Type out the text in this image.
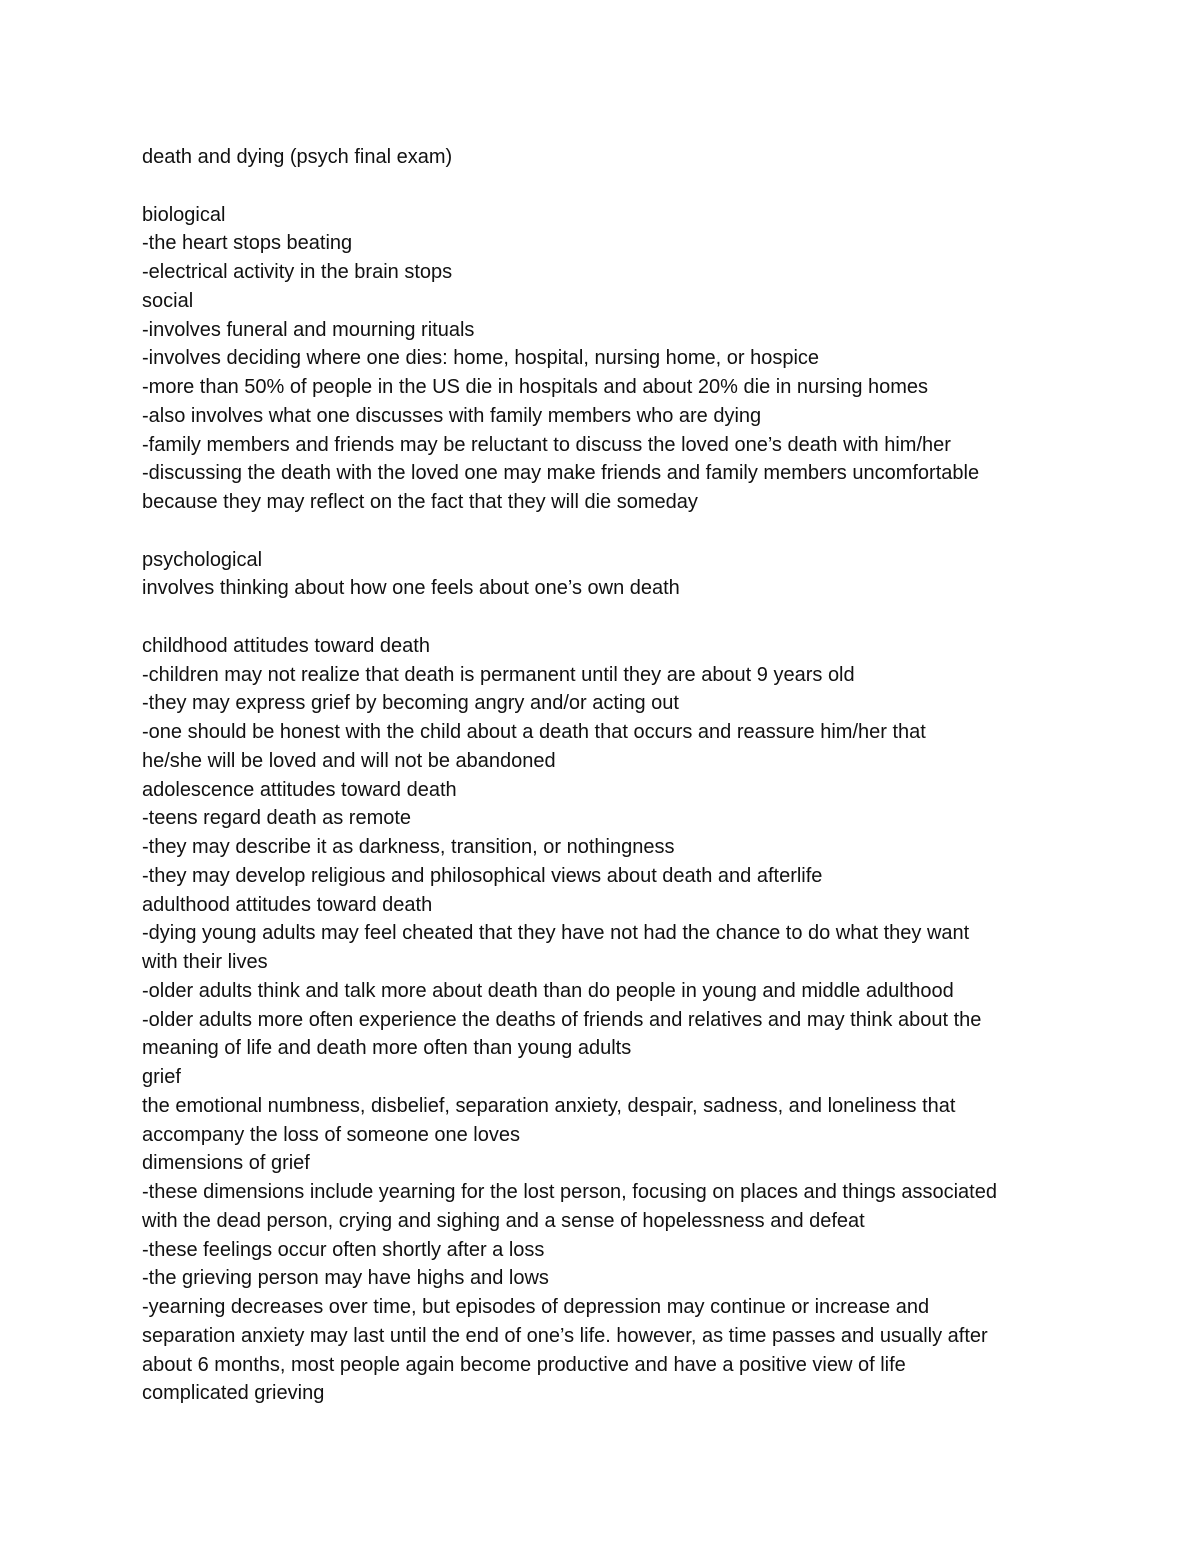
death and dying (psych final exam)
biological
-the heart stops beating
-electrical activity in the brain stops
social
-involves funeral and mourning rituals
-involves deciding where one dies: home, hospital, nursing home, or hospice
-more than 50% of people in the US die in hospitals and about 20% die in nursing homes
-also involves what one discusses with family members who are dying
-family members and friends may be reluctant to discuss the loved one’s death with him/her
-discussing the death with the loved one may make friends and family members uncomfortable
because they may reflect on the fact that they will die someday
psychological
involves thinking about how one feels about one’s own death
childhood attitudes toward death
-children may not realize that death is permanent until they are about 9 years old
-they may express grief by becoming angry and/or acting out
-one should be honest with the child about a death that occurs and reassure him/her that
he/she will be loved and will not be abandoned
adolescence attitudes toward death
-teens regard death as remote
-they may describe it as darkness, transition, or nothingness
-they may develop religious and philosophical views about death and afterlife
adulthood attitudes toward death
-dying young adults may feel cheated that they have not had the chance to do what they want
with their lives
-older adults think and talk more about death than do people in young and middle adulthood
-older adults more often experience the deaths of friends and relatives and may think about the
meaning of life and death more often than young adults
grief
the emotional numbness, disbelief, separation anxiety, despair, sadness, and loneliness that
accompany the loss of someone one loves
dimensions of grief
-these dimensions include yearning for the lost person, focusing on places and things associated
with the dead person, crying and sighing and a sense of hopelessness and defeat
-these feelings occur often shortly after a loss
-the grieving person may have highs and lows
-yearning decreases over time, but episodes of depression may continue or increase and
separation anxiety may last until the end of one’s life. however, as time passes and usually after
about 6 months, most people again become productive and have a positive view of life
complicated grieving
